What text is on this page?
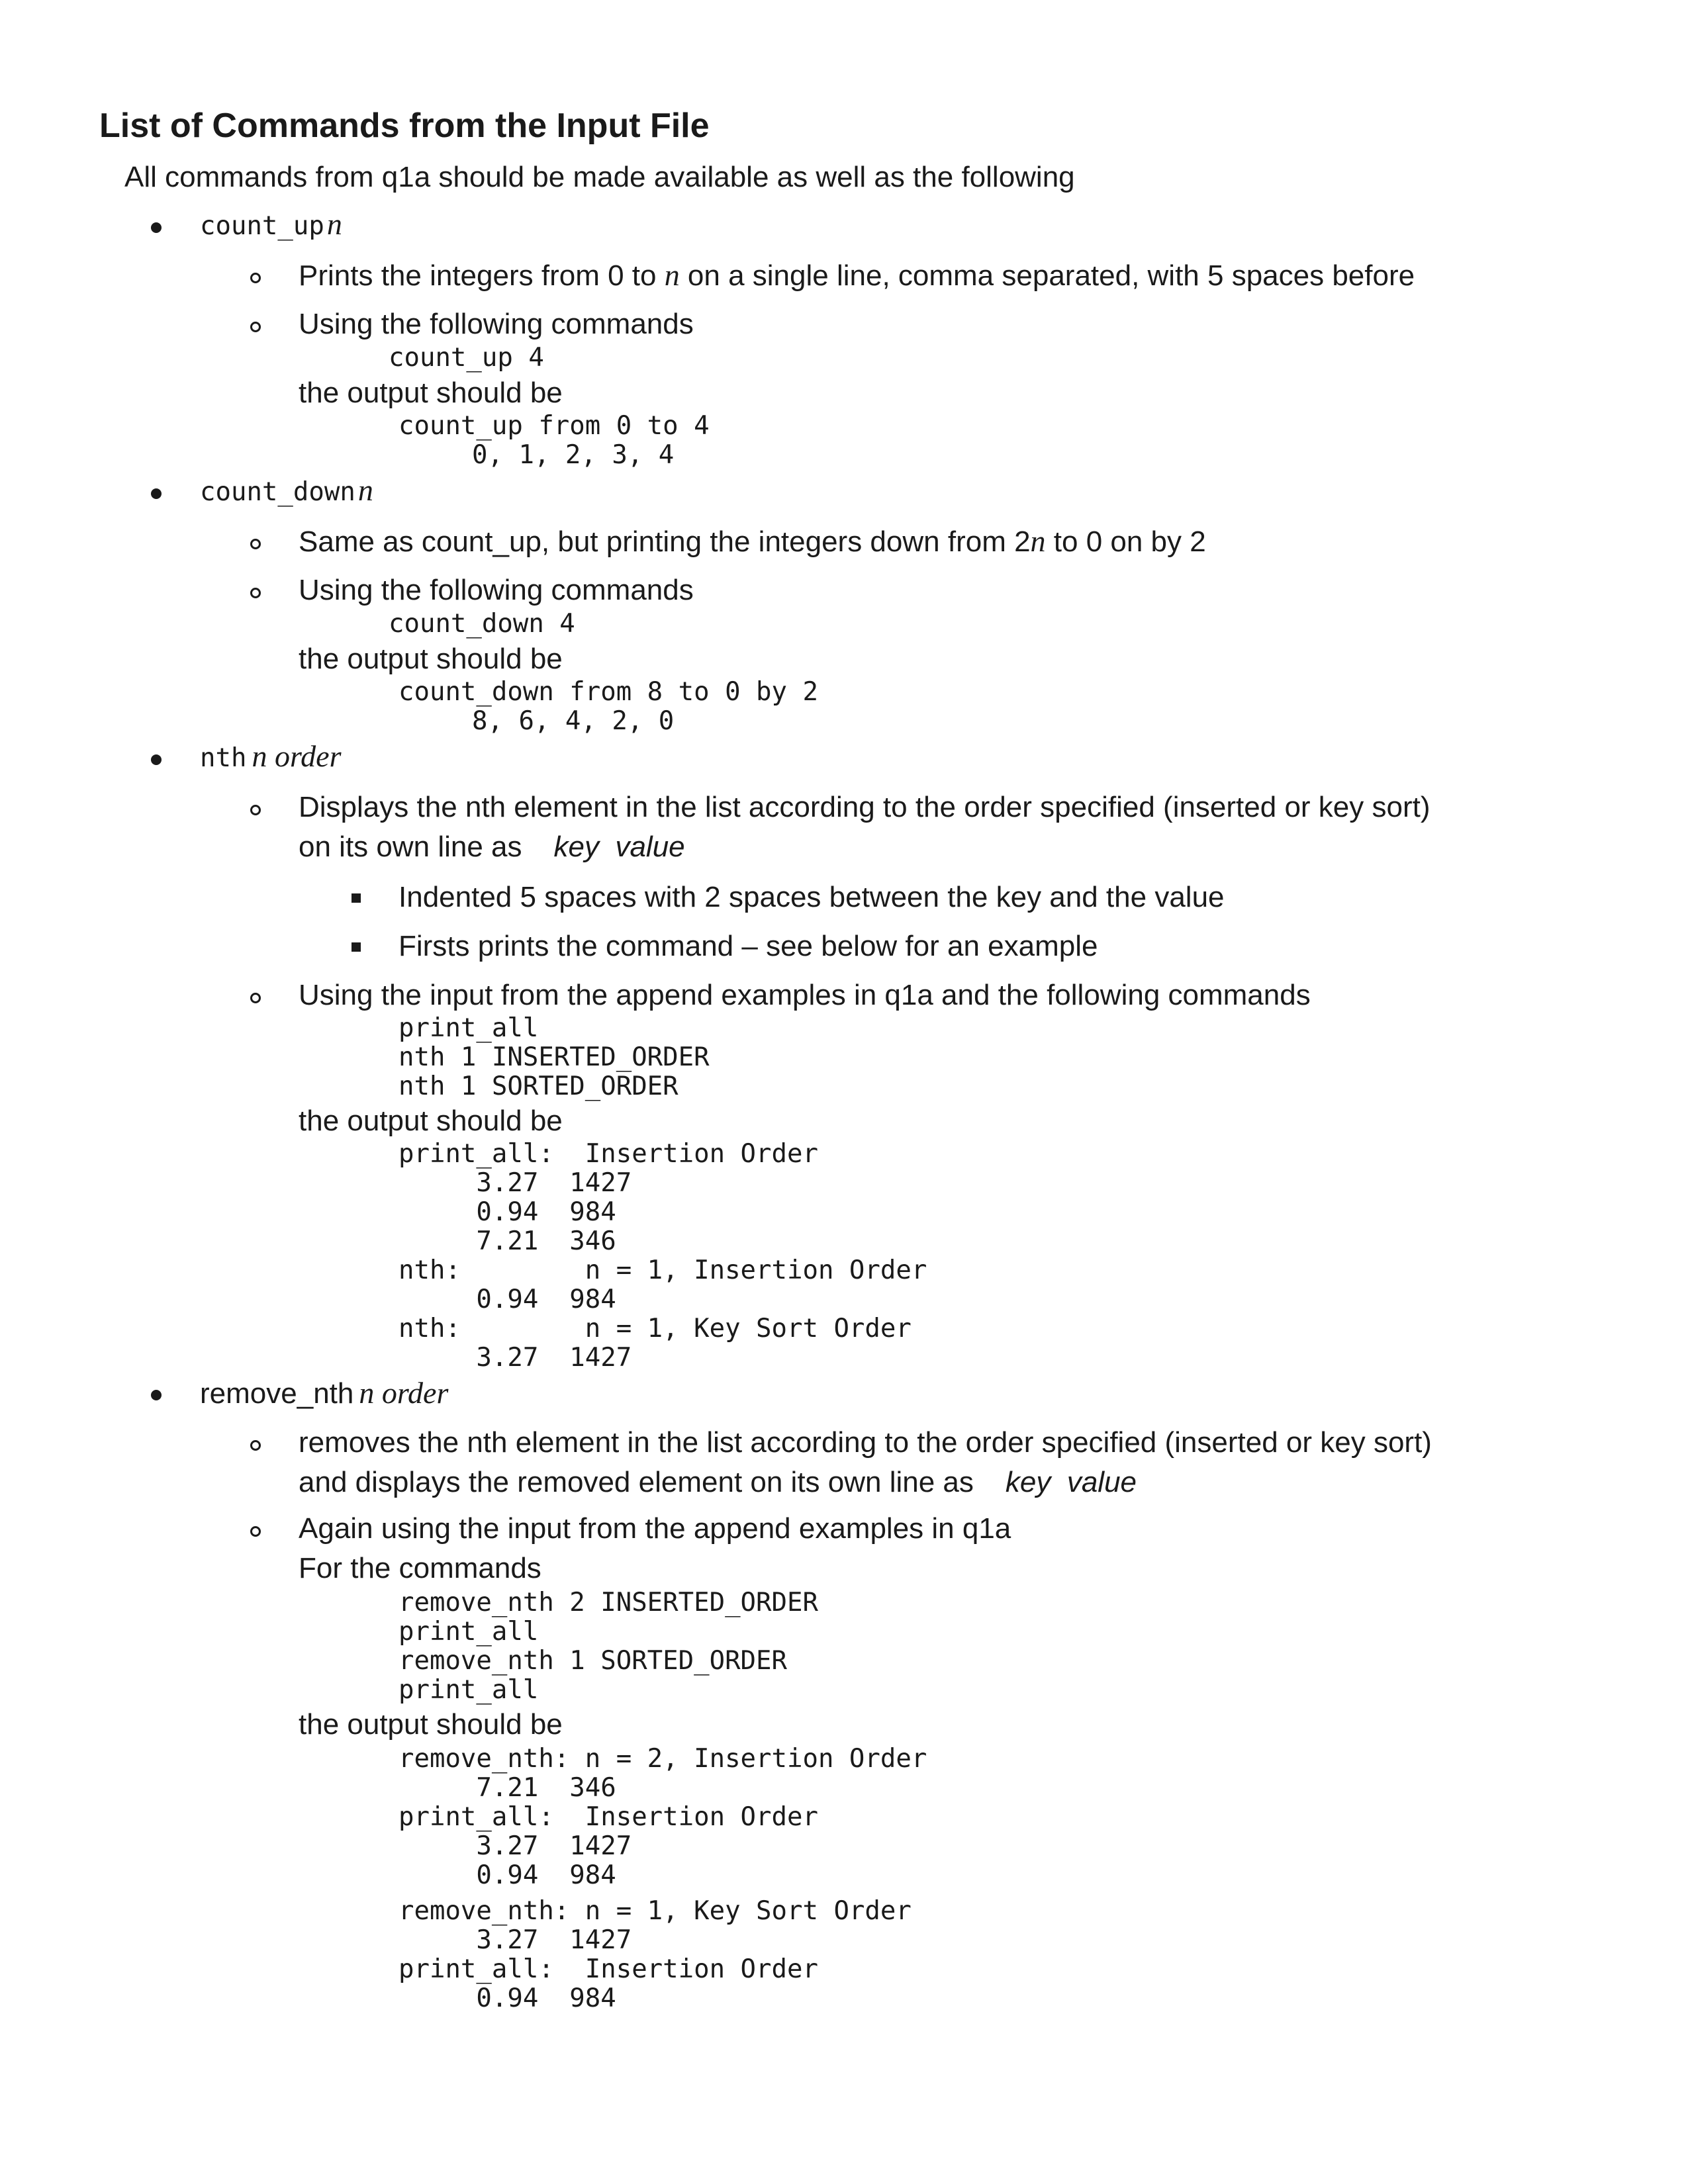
List of Commands from the Input File
All commands from q1a should be made available as well as the following
count_up n
Prints the integers from 0 to n on a single line, comma separated, with 5 spaces before
Using the following commands
count_up 4
the output should be
count_up from 0 to 4
0, 1, 2, 3, 4
count_down n
Same as count_up, but printing the integers down from 2n to 0 on by 2
Using the following commands
count_down 4
the output should be
count_down from 8 to 0 by 2
8, 6, 4, 2, 0
nth n order
Displays the nth element in the list according to the order specified (inserted or key sort)
on its own line as key  value
Indented 5 spaces with 2 spaces between the key and the value
Firsts prints the command – see below for an example
Using the input from the append examples in q1a and the following commands
print_all
nth 1 INSERTED_ORDER
nth 1 SORTED_ORDER
the output should be
print_all:  Insertion Order
3.27  1427
0.94  984
7.21  346
nth:        n = 1, Insertion Order
0.94  984
nth:        n = 1, Key Sort Order
3.27  1427
remove_nth n order
removes the nth element in the list according to the order specified (inserted or key sort)
and displays the removed element on its own line as key  value
Again using the input from the append examples in q1a
For the commands
remove_nth 2 INSERTED_ORDER
print_all
remove_nth 1 SORTED_ORDER
print_all
the output should be
remove_nth: n = 2, Insertion Order
7.21  346
print_all:  Insertion Order
3.27  1427
0.94  984
remove_nth: n = 1, Key Sort Order
3.27  1427
print_all:  Insertion Order
0.94  984
